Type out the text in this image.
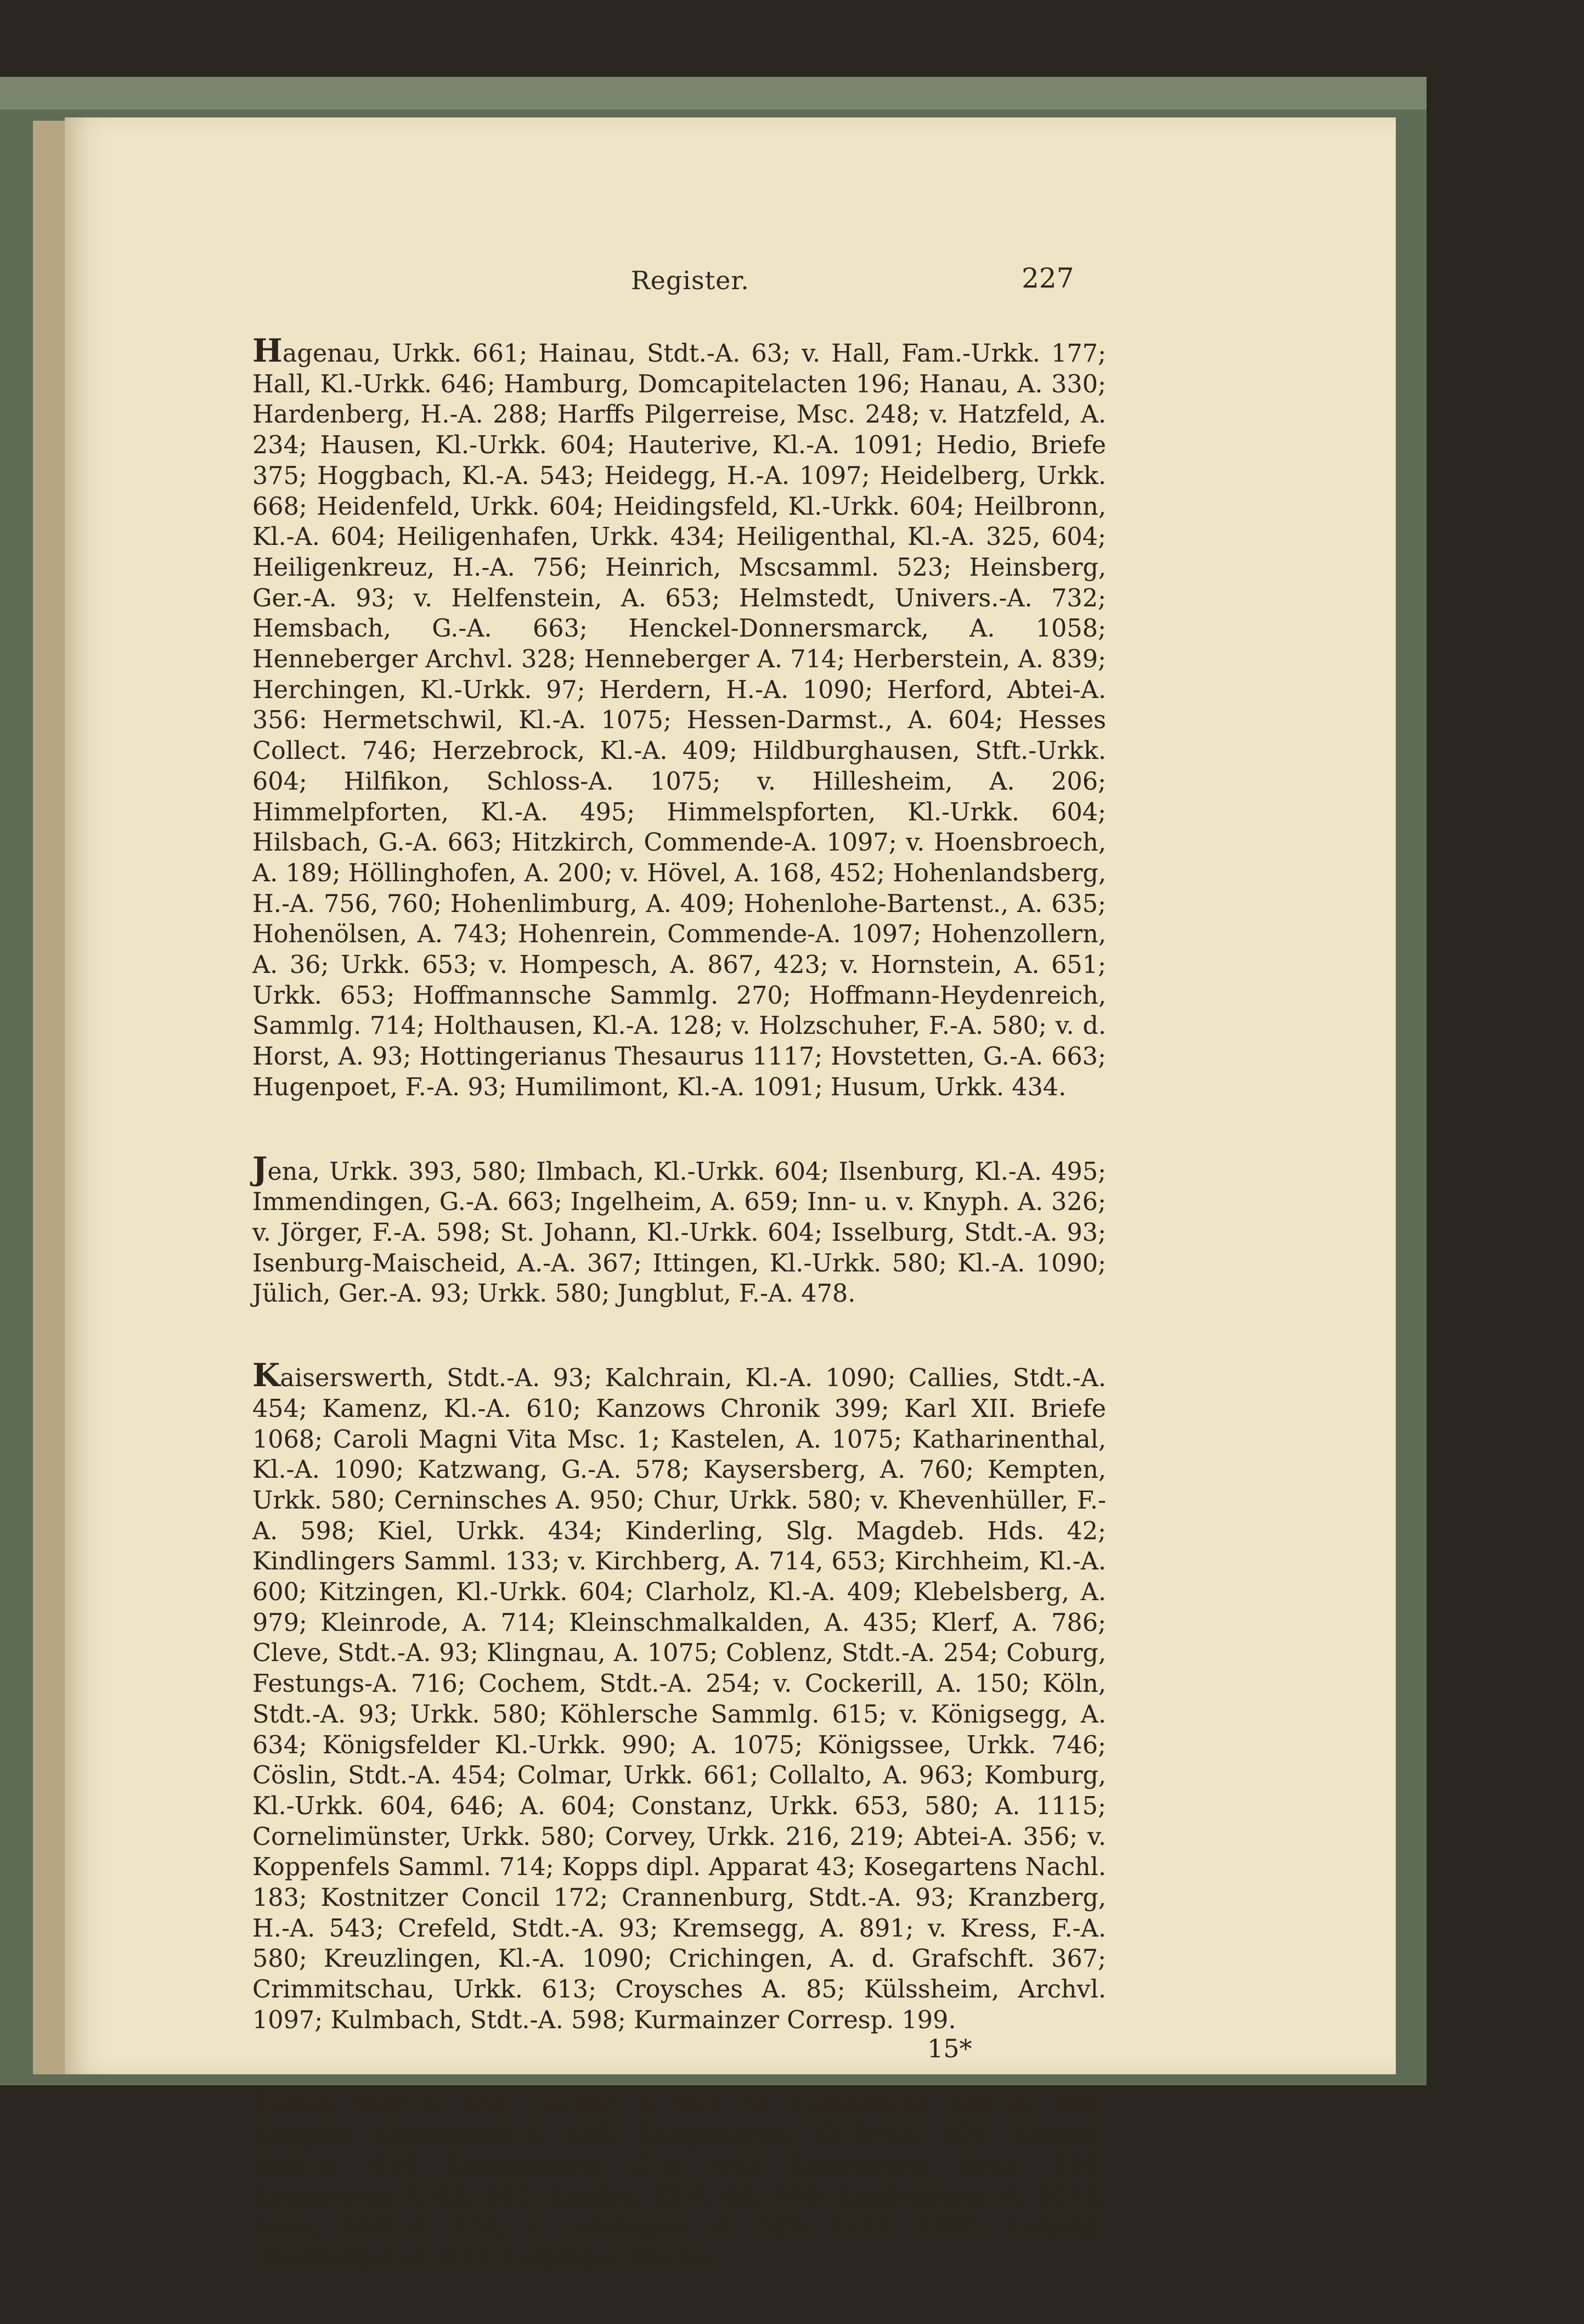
Register.	227

Hagenau, Urkk. 661; Hainau, Stdt.-A. 63; v. Hall, Fam.-Urkk. 177; Hall, Kl.-Urkk. 646; Hamburg, Domcapitelacten 196; Hanau, A. 330; Hardenberg, H.-A. 288; Harffs Pilgerreise, Msc. 248; v. Hatzfeld, A. 234; Hausen, Kl.-Urkk. 604; Hauterive, Kl.-A. 1091; Hedio, Briefe 375; Hoggbach, Kl.-A. 543; Heidegg, H.-A. 1097; Heidelberg, Urkk. 668; Heidenfeld, Urkk. 604; Heidingsfeld, Kl.-Urkk. 604; Heilbronn, Kl.-A. 604; Heiligenhafen, Urkk. 434; Heiligenthal, Kl.-A. 325, 604; Heiligenkreuz, H.-A. 756; Heinrich, Mscsamml. 523; Heinsberg, Ger.-A. 93; v. Helfenstein, A. 653; Helmstedt, Univers.-A. 732; Hemsbach, G.-A. 663; Henckel-Donnersmarck, A. 1058; Henneberger Archvl. 328; Henneberger A. 714; Herberstein, A. 839; Herchingen, Kl.-Urkk. 97; Herdern, H.-A. 1090; Herford, Abtei-A. 356: Hermetschwil, Kl.-A. 1075; Hessen-Darmst., A. 604; Hesses Collect. 746; Herzebrock, Kl.-A. 409; Hildburghausen, Stft.-Urkk. 604; Hilfikon, Schloss-A. 1075; v. Hillesheim, A. 206; Himmelpforten, Kl.-A. 495; Himmelspforten, Kl.-Urkk. 604; Hilsbach, G.-A. 663; Hitzkirch, Commende-A. 1097; v. Hoensbroech, A. 189; Höllinghofen, A. 200; v. Hövel, A. 168, 452; Hohenlandsberg, H.-A. 756, 760; Hohenlimburg, A. 409; Hohenlohe-Bartenst., A. 635; Hohenölsen, A. 743; Hohenrein, Commende-A. 1097; Hohenzollern, A. 36; Urkk. 653; v. Hompesch, A. 867, 423; v. Hornstein, A. 651; Urkk. 653; Hoffmannsche Sammlg. 270; Hoffmann-Heydenreich, Sammlg. 714; Holthausen, Kl.-A. 128; v. Holzschuher, F.-A. 580; v. d. Horst, A. 93; Hottingerianus Thesaurus 1117; Hovstetten, G.-A. 663; Hugenpoet, F.-A. 93; Humilimont, Kl.-A. 1091; Husum, Urkk. 434.

Jena, Urkk. 393, 580; Ilmbach, Kl.-Urkk. 604; Ilsenburg, Kl.-A. 495; Immendingen, G.-A. 663; Ingelheim, A. 659; Inn- u. v. Knyph. A. 326; v. Jörger, F.-A. 598; St. Johann, Kl.-Urkk. 604; Isselburg, Stdt.-A. 93; Isenburg-Maischeid, A.-A. 367; Ittingen, Kl.-Urkk. 580; Kl.-A. 1090; Jülich, Ger.-A. 93; Urkk. 580; Jungblut, F.-A. 478.

Kaiserswerth, Stdt.-A. 93; Kalchrain, Kl.-A. 1090; Callies, Stdt.-A. 454; Kamenz, Kl.-A. 610; Kanzows Chronik 399; Karl XII. Briefe 1068; Caroli Magni Vita Msc. 1; Kastelen, A. 1075; Katharinenthal, Kl.-A. 1090; Katzwang, G.-A. 578; Kaysersberg, A. 760; Kempten, Urkk. 580; Cerninsches A. 950; Chur, Urkk. 580; v. Khevenhüller, F.-A. 598; Kiel, Urkk. 434; Kinderling, Slg. Magdeb. Hds. 42; Kindlingers Samml. 133; v. Kirchberg, A. 714, 653; Kirchheim, Kl.-A. 600; Kitzingen, Kl.-Urkk. 604; Clarholz, Kl.-A. 409; Klebelsberg, A. 979; Kleinrode, A. 714; Kleinschmalkalden, A. 435; Klerf, A. 786; Cleve, Stdt.-A. 93; Klingnau, A. 1075; Coblenz, Stdt.-A. 254; Coburg, Festungs-A. 716; Cochem, Stdt.-A. 254; v. Cockerill, A. 150; Köln, Stdt.-A. 93; Urkk. 580; Köhlersche Sammlg. 615; v. Königsegg, A. 634; Königsfelder Kl.-Urkk. 990; A. 1075; Königssee, Urkk. 746; Cöslin, Stdt.-A. 454; Colmar, Urkk. 661; Collalto, A. 963; Komburg, Kl.-Urkk. 604, 646; A. 604; Constanz, Urkk. 653, 580; A. 1115; Cornelimünster, Urkk. 580; Corvey, Urkk. 216, 219; Abtei-A. 356; v. Koppenfels Samml. 714; Kopps dipl. Apparat 43; Kosegartens Nachl. 183; Kostnitzer Concil 172; Crannenburg, Stdt.-A. 93; Kranzberg, H.-A. 543; Crefeld, Stdt.-A. 93; Kremsegg, A. 891; v. Kress, F.-A. 580; Kreuzlingen, Kl.-A. 1090; Crichingen, A. d. Grafschft. 367; Crimmitschau, Urkk. 613; Croysches A. 85; Külssheim, Archvl. 1097; Kulmbach, Stdt.-A. 598; Kurmainzer Corresp. 199.

Labes, Stdt.-A. 454; Lacker, A. 904; St. Lambrecht, Stft.-A. 580; Langeln, Commende-A. 495; Langenzenn, Kl.-Urkk. 604; Lassan, Stdt.-A. 454; Laudenberg, G.-A. 663; Lauenburg, Urkk. 434; Lauenstein, Urkk. 613; Laufen, Kl.-Urkk. 646; Laufenburg, A. 1075; Leba, Stdt.-A. 454; v. Leiningen, A. 529; Urkk. 1097; Leipzig, Oberhofger.-A. 613; Leipziger Wachs-

15*
